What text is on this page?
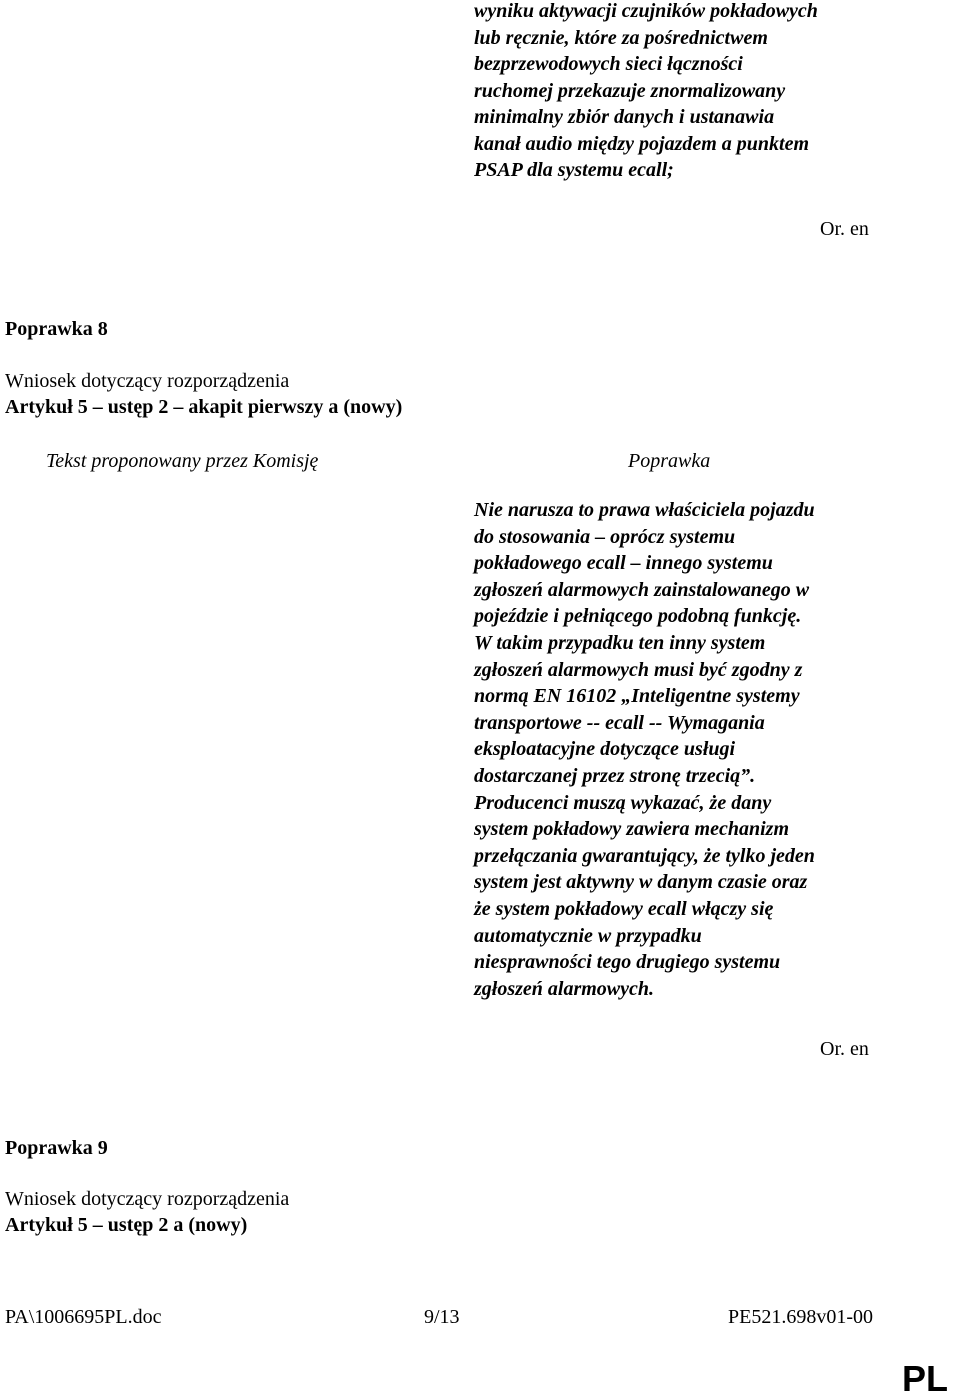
wyniku aktywacji czujników pokładowych
lub ręcznie, które za pośrednictwem
bezprzewodowych sieci łączności
ruchomej przekazuje znormalizowany
minimalny zbiór danych i ustanawia
kanał audio między pojazdem a punktem
PSAP dla systemu ecall;
Or. en
Poprawka 8
Wniosek dotyczący rozporządzenia
Artykuł 5 – ustęp 2 – akapit pierwszy a (nowy)
Tekst proponowany przez Komisję	Poprawka
Nie narusza to prawa właściciela pojazdu
do stosowania – oprócz systemu
pokładowego ecall – innego systemu
zgłoszeń alarmowych zainstalowanego w
pojeździe i pełniącego podobną funkcję.
W takim przypadku ten inny system
zgłoszeń alarmowych musi być zgodny z
normą EN 16102 „Inteligentne systemy
transportowe -- ecall -- Wymagania
eksploatacyjne dotyczące usługi
dostarczanej przez stronę trzecią”.
Producenci muszą wykazać, że dany
system pokładowy zawiera mechanizm
przełączania gwarantujący, że tylko jeden
system jest aktywny w danym czasie oraz
że system pokładowy ecall włączy się
automatycznie w przypadku
niesprawności tego drugiego systemu
zgłoszeń alarmowych.
Or. en
Poprawka 9
Wniosek dotyczący rozporządzenia
Artykuł 5 – ustęp 2 a (nowy)
PA\1006695PL.doc	9/13	PE521.698v01-00
PL
